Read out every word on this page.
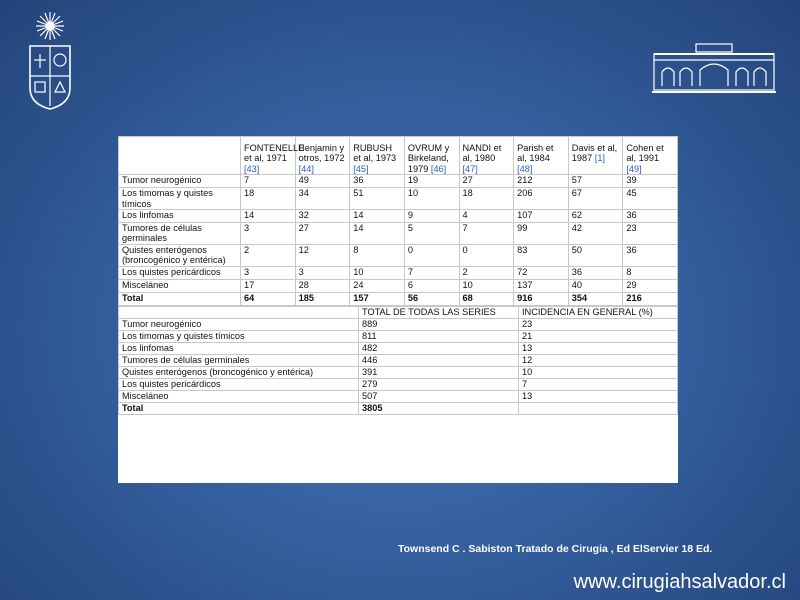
	FONTENELLE et al, 1971 [43]	Benjamin y otros, 1972 [44]	RUBUSH et al, 1973 [45]	OVRUM y Birkeland, 1979 [46]	NANDI et al, 1980 [47]	Parish et al, 1984 [48]	Davis et al, 1987 [1]	Cohen et al, 1991 [49]
Tumor neurogénico	7	49	36	19	27	212	57	39
Los timomas y quistes tímicos	18	34	51	10	18	206	67	45
Los linfomas	14	32	14	9	4	107	62	36
Tumores de células germinales	3	27	14	5	7	99	42	23
Quistes enterógenos (broncogénico y entérica)	2	12	8	0	0	83	50	36
Los quistes pericárdicos	3	3	10	7	2	72	36	8
Misceláneo	17	28	24	6	10	137	40	29
Total	64	185	157	56	68	916	354	216
	TOTAL DE TODAS LAS SERIES	INCIDENCIA EN GENERAL (%)
Tumor neurogénico	889	23
Los timomas y quistes tímicos	811	21
Los linfomas	482	13
Tumores de células germinales	446	12
Quistes enterógenos (broncogénico y entérica)	391	10
Los quistes pericárdicos	279	7
Misceláneo	507	13
Total	3805	
Townsend C . Sabiston Tratado de Cirugia , Ed ElServier 18 Ed.
www.cirugiahsalvador.cl
